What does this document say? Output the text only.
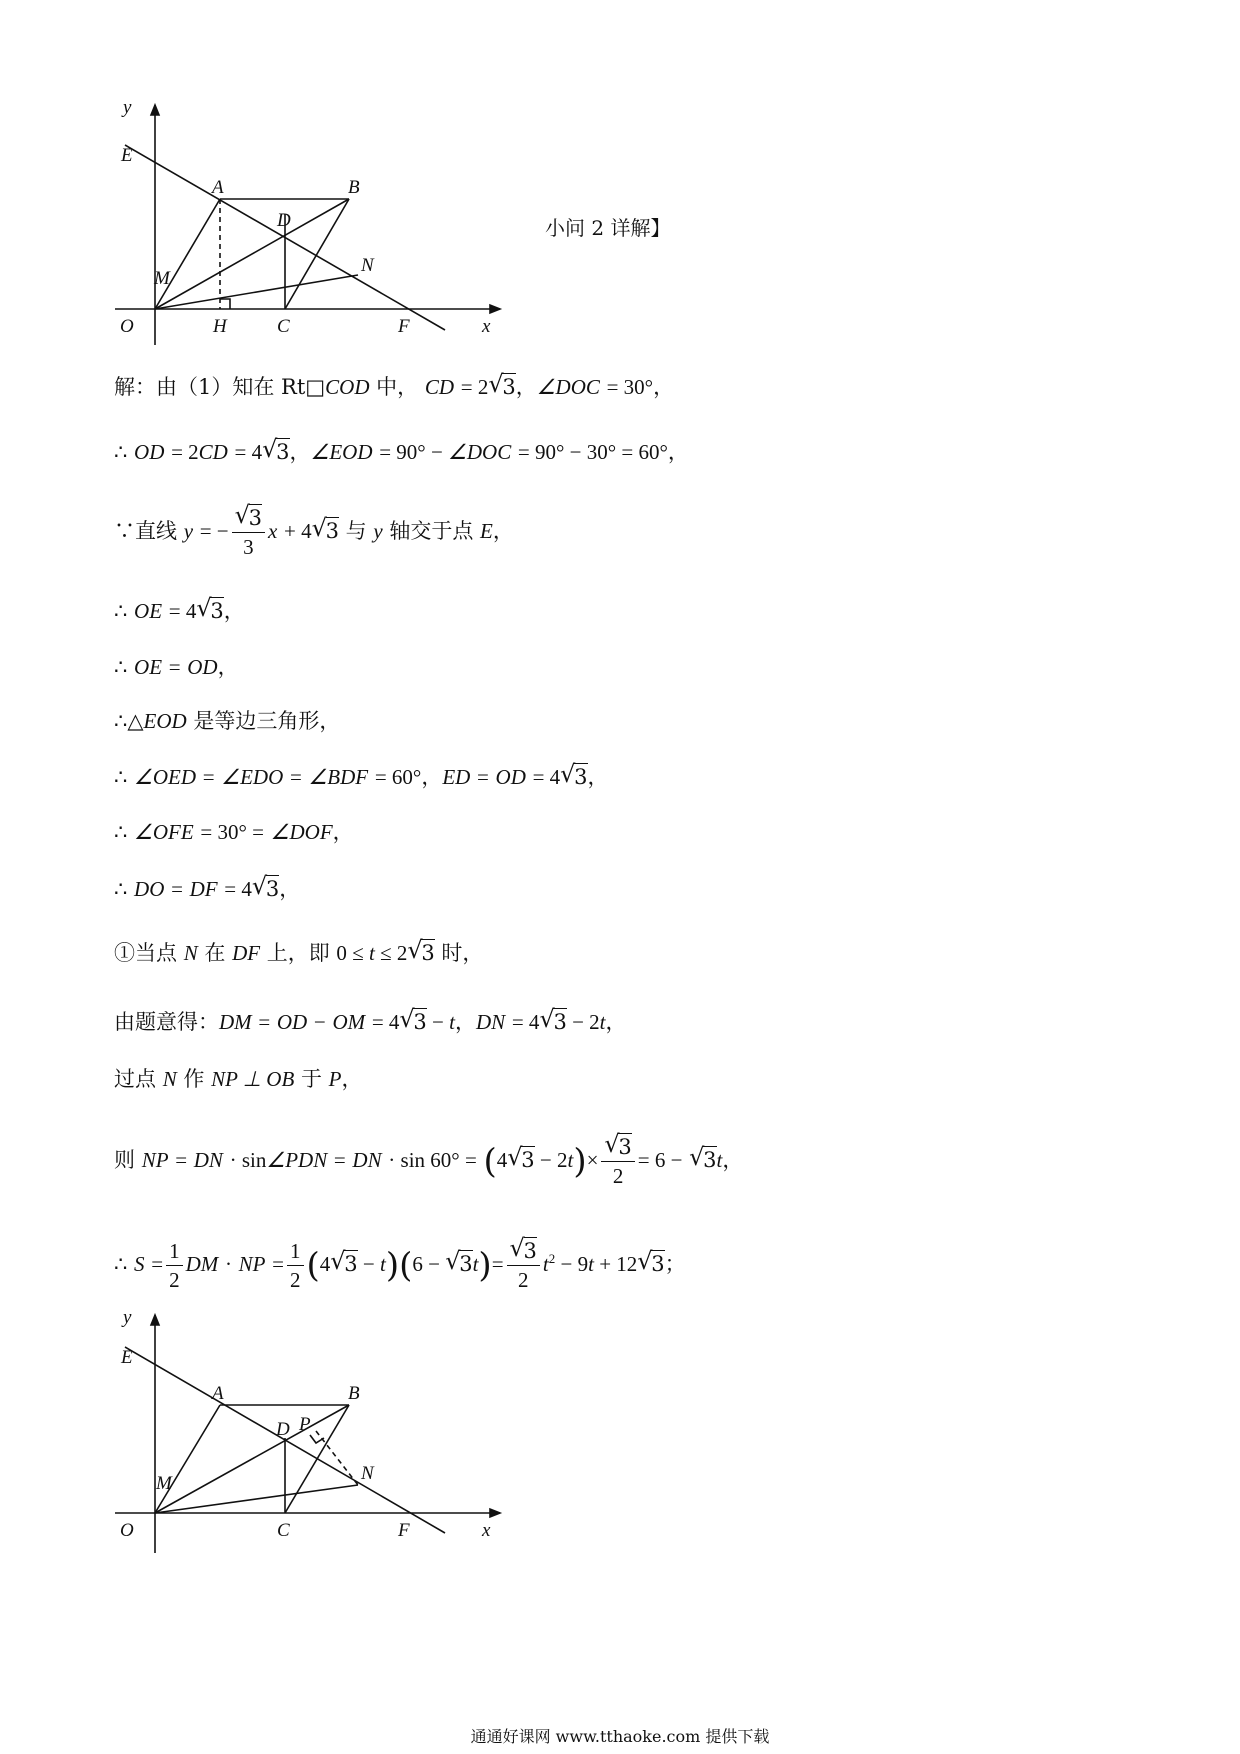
y
E
A	B
D
M
N
O	H	C	F	x
小问 2 详解】
解：由（1）知在 Rt□COD 中， CD = 2√ 3，∠DOC = 30°，
∴ OD = 2CD = 4√ 3，∠EOD = 90° − ∠DOC = 90° − 30° = 60°，
∵直线 y = −
√ $\frac{3}{3}$ x + 4√ 3 与 y 轴交于点 E，
∴ OE = 4√ 3，
∴ OE = OD，
∴△EOD 是等边三角形，
∴ ∠OED = ∠EDO = ∠BDF = 60°，ED = OD = 4√ 3，
∴ ∠OFE = 30° = ∠DOF，
∴ DO = DF = 4√ 3，
①当点 N 在 DF 上，即 0 ≤ t ≤ 2√ 3 时，
由题意得：DM = OD − OM = 4√ 3 − t，DN = 4√ 3 − 2t，
过点 N 作 NP ⊥ OB 于 P，
则 NP = DN · sin∠PDN = DN · sin 60° = (4√ 3 − 2t)×
√ $\frac{3}{2} = 6$ − √ 3t，
∴ $S = \frac{1}{2}$ DM · NP = $\frac{1}{2} (4√$ 3 − t)(6 − √ 3t)=
√ $\frac{3}{2} t^2 - 9t + 12√$ 3；
y
E
A	B
D P
M	N
O	C	F	x
通通好课网 www.tthaoke.com 提供下载
